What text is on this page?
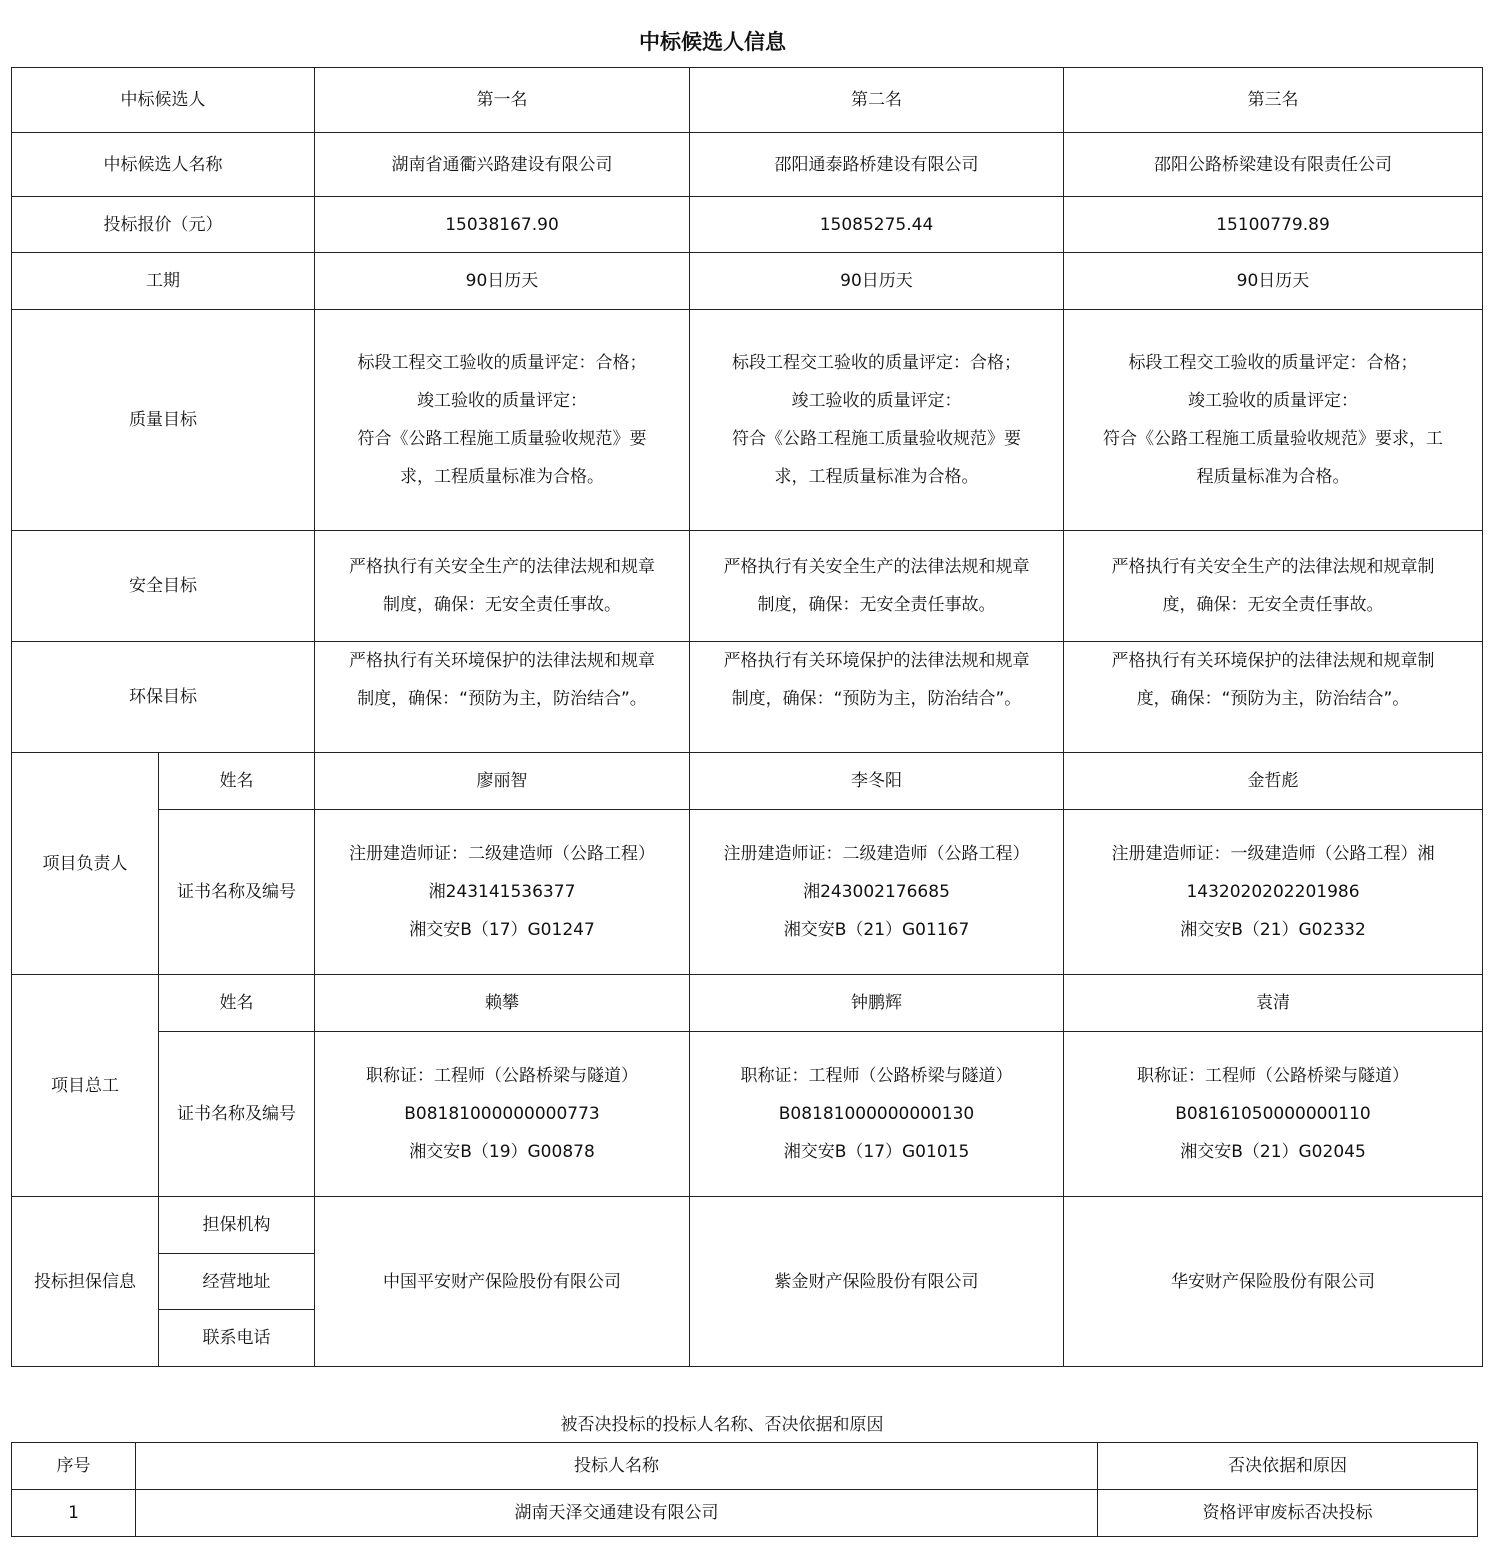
中标候选人信息
中标候选人		第一名	第二名	第三名
中标候选人名称		湖南省通衢兴路建设有限公司	邵阳通泰路桥建设有限公司	邵阳公路桥梁建设有限责任公司
投标报价（元）		15038167.90	15085275.44	15100779.89
工期		90日历天	90日历天	90日历天
质量目标		标段工程交工验收的质量评定：合格；
竣工验收的质量评定：
符合《公路工程施工质量验收规范》要
求，工程质量标准为合格。	标段工程交工验收的质量评定：合格；
竣工验收的质量评定：
符合《公路工程施工质量验收规范》要
求，工程质量标准为合格。	标段工程交工验收的质量评定：合格；
竣工验收的质量评定：
符合《公路工程施工质量验收规范》要求，工
程质量标准为合格。

安全目标		严格执行有关安全生产的法律法规和规章
制度，确保：无安全责任事故。	严格执行有关安全生产的法律法规和规章
制度，确保：无安全责任事故。	严格执行有关安全生产的法律法规和规章制
度，确保：无安全责任事故。

环保目标		严格执行有关环境保护的法律法规和规章
制度，确保：“预防为主，防治结合”。	严格执行有关环境保护的法律法规和规章
制度，确保：“预防为主，防治结合”。	严格执行有关环境保护的法律法规和规章制
度，确保：“预防为主，防治结合”。

项目负责人	姓名	廖丽智	李冬阳	金哲彪
	证书名称及编号	注册建造师证：二级建造师（公路工程）
湘243141536377
湘交安B（17）G01247	注册建造师证：二级建造师（公路工程）
湘243002176685
湘交安B（21）G01167	注册建造师证：一级建造师（公路工程）湘
1432020202201986
湘交安B（21）G02332

项目总工	姓名	赖攀	钟鹏辉	袁清
	证书名称及编号	职称证：工程师（公路桥梁与隧道）
B08181000000000773
湘交安B（19）G00878	职称证：工程师（公路桥梁与隧道）
B08181000000000130
湘交安B（17）G01015	职称证：工程师（公路桥梁与隧道）
B08161050000000110
湘交安B（21）G02045

投标担保信息	担保机构	中国平安财产保险股份有限公司	紫金财产保险股份有限公司	华安财产保险股份有限公司
	经营地址			
	联系电话			
被否决投标的投标人名称、否决依据和原因
序号	投标人名称	否决依据和原因
1	湖南天泽交通建设有限公司	资格评审废标否决投标
